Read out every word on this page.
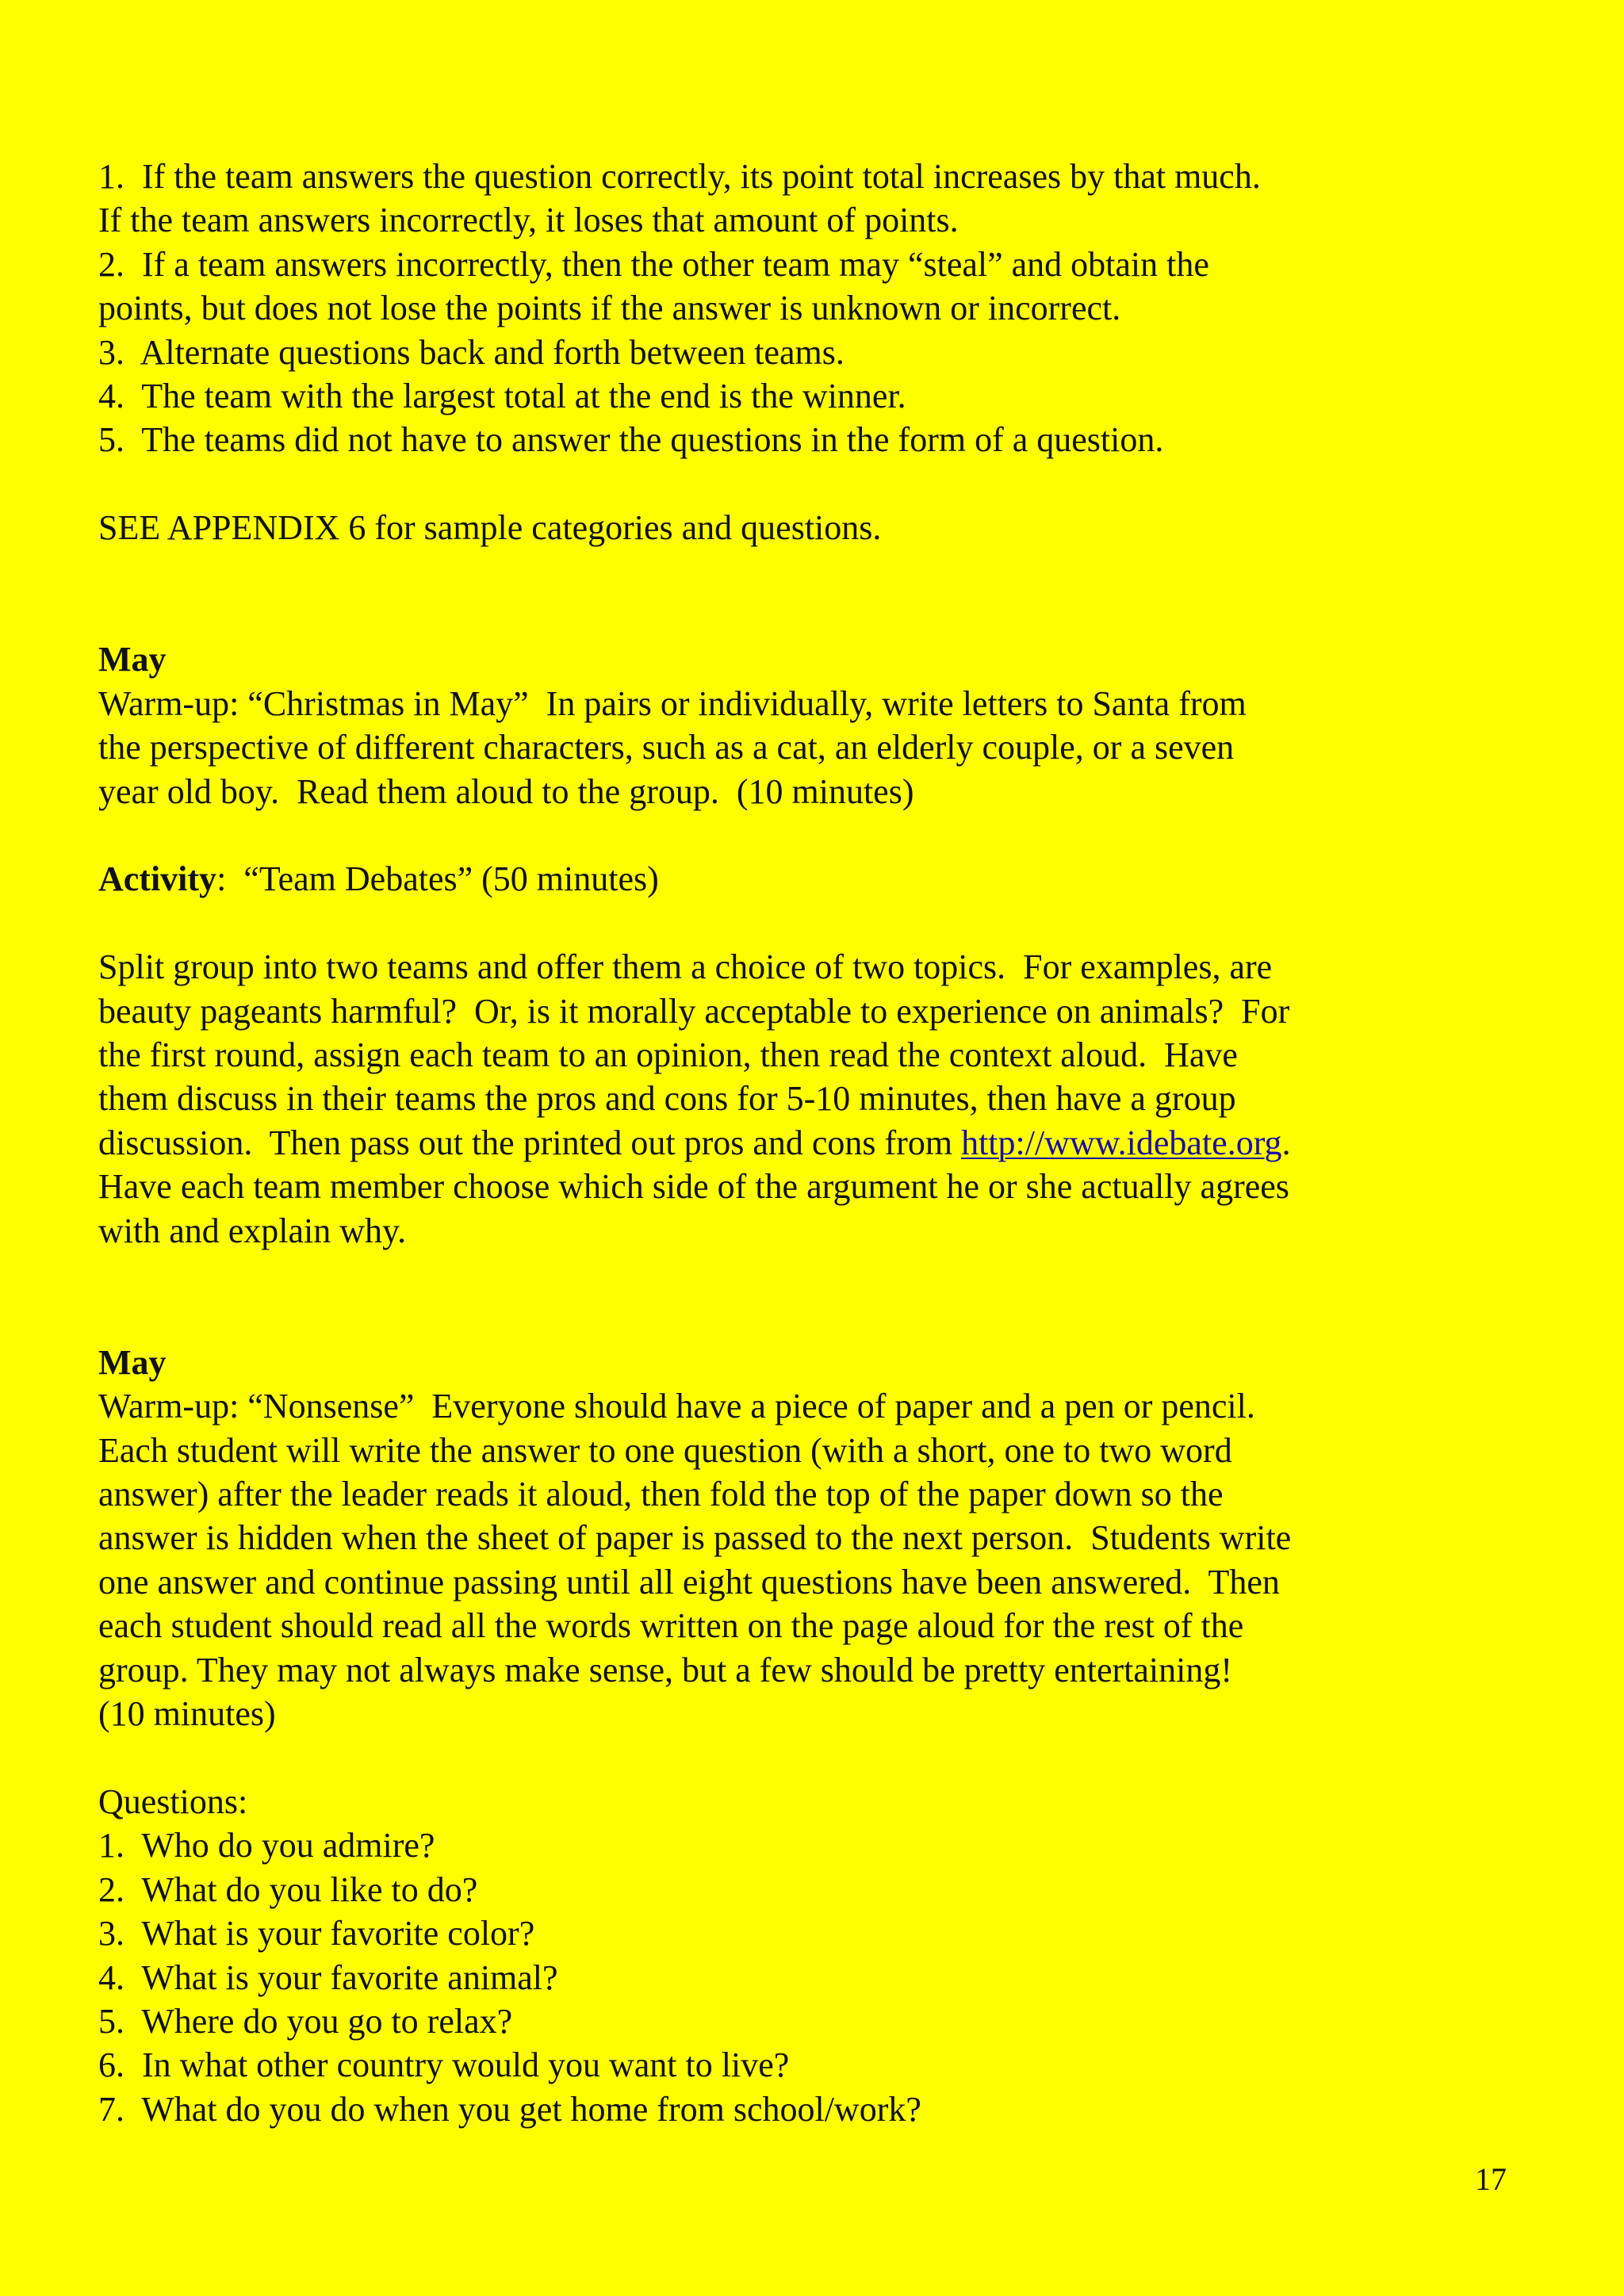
1.  If the team answers the question correctly, its point total increases by that much.
If the team answers incorrectly, it loses that amount of points.
2.  If a team answers incorrectly, then the other team may “steal” and obtain the
points, but does not lose the points if the answer is unknown or incorrect.
3.  Alternate questions back and forth between teams.
4.  The team with the largest total at the end is the winner.
5.  The teams did not have to answer the questions in the form of a question.
SEE APPENDIX 6 for sample categories and questions.
May
Warm-up: “Christmas in May”  In pairs or individually, write letters to Santa from
the perspective of different characters, such as a cat, an elderly couple, or a seven
year old boy.  Read them aloud to the group.  (10 minutes)
Activity:  “Team Debates” (50 minutes)
Split group into two teams and offer them a choice of two topics.  For examples, are
beauty pageants harmful?  Or, is it morally acceptable to experience on animals?  For
the first round, assign each team to an opinion, then read the context aloud.  Have
them discuss in their teams the pros and cons for 5-10 minutes, then have a group
discussion.  Then pass out the printed out pros and cons from http://www.idebate.org.
Have each team member choose which side of the argument he or she actually agrees
with and explain why.
May
Warm-up: “Nonsense”  Everyone should have a piece of paper and a pen or pencil.
Each student will write the answer to one question (with a short, one to two word
answer) after the leader reads it aloud, then fold the top of the paper down so the
answer is hidden when the sheet of paper is passed to the next person.  Students write
one answer and continue passing until all eight questions have been answered.  Then
each student should read all the words written on the page aloud for the rest of the
group. They may not always make sense, but a few should be pretty entertaining!
(10 minutes)
Questions:
1.  Who do you admire?
2.  What do you like to do?
3.  What is your favorite color?
4.  What is your favorite animal?
5.  Where do you go to relax?
6.  In what other country would you want to live?
7.  What do you do when you get home from school/work?
17
